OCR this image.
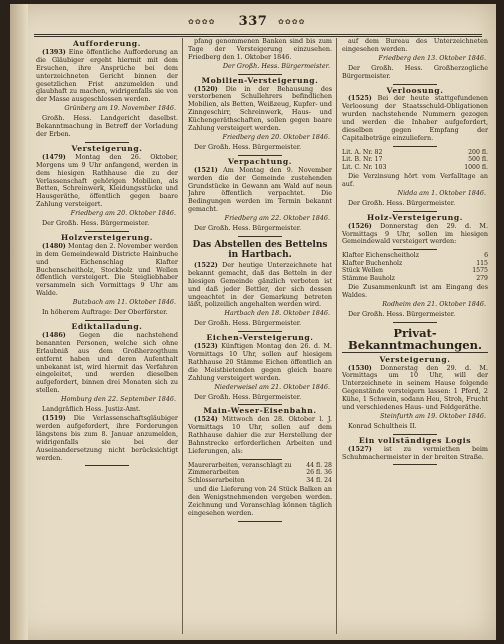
✿✿✿✿	337	✿✿✿✿
Aufforderung.

(1393) Eine öffentliche Aufforderung an die Gläubiger ergeht hiermit mit dem Ersuchen, ihre Ansprüche bei dem unterzeichneten Gericht binnen der gesetzlichen Frist anzumelden und glaubhaft zu machen, widrigenfalls sie von der Masse ausgeschlossen werden.

Grünberg am 19. November 1846.

Großh. Hess. Landgericht daselbst. Bekanntmachung in Betreff der Vorladung der Erben.

Versteigerung.

(1479) Montag den 26. Oktober, Morgens um 9 Uhr anfangend, werden in dem hiesigen Rathhause die zu der Verlassenschaft gehörigen Mobilien, als Betten, Schreinwerk, Kleidungsstücke und Hausgeräthe, öffentlich gegen baare Zahlung versteigert.

Friedberg am 20. Oktober 1846.

Der Großh. Hess. Bürgermeister.

Holzversteigerung.

(1480) Montag den 2. November werden in dem Gemeindewald Districte Hainbuche und Eichenschlag Klafter Buchenscheitholz, Stockholz und Wellen öffentlich versteigert. Die Steigliebhaber versammeln sich Vormittags 9 Uhr am Walde.

Butzbach am 11. Oktober 1846.

In höherem Auftrage: Der Oberförster.

Ediktalladung.

(1486) Gegen die nachstehend benannten Personen, welche sich ohne Erlaubniß aus dem Großherzogthum entfernt haben und deren Aufenthalt unbekannt ist, wird hiermit das Verfahren eingeleitet, und werden dieselben aufgefordert, binnen drei Monaten sich zu stellen.

Homburg den 22. September 1846.

Landgräflich Hess. Justiz-Amt.

(1519) Die Verlassenschaftsgläubiger werden aufgefordert, ihre Forderungen längstens bis zum 8. Januar anzumelden, widrigenfalls sie bei der Auseinandersetzung nicht berücksichtigt werden.

pfang genommenen Banken sind bis zum Tage der Versteigerung einzusehen. Friedberg den 1. Oktober 1846.

Der Großh. Hess. Bürgermeister.
Mobilien-Versteigerung.

(1520) Die in der Behausung des verstorbenen Schullehrers befindlichen Mobilien, als Betten, Weißzeug, Kupfer- und Zinngeschirr, Schreinwerk, Haus- und Küchengeräthschaften, sollen gegen baare Zahlung versteigert werden.

Friedberg den 20. Oktober 1846.

Der Großh. Hess. Bürgermeister.

Verpachtung.

(1521) Am Montag den 9. November werden die der Gemeinde zustehenden Grundstücke in Gewann am Wald auf neun Jahre öffentlich verpachtet. Die Bedingungen werden im Termin bekannt gemacht.

Friedberg am 22. Oktober 1846.

Der Großh. Hess. Bürgermeister.

Das Abstellen des Bettelns in Hartbach.

(1522) Der heutige Unterzeichnete hat bekannt gemacht, daß das Betteln in der hiesigen Gemeinde gänzlich verboten ist und daß jeder Bettler, der sich dessen ungeachtet in der Gemarkung betreten läßt, polizeilich angehalten werden wird.

Hartbach den 18. Oktober 1846.

Der Großh. Hess. Bürgermeister.

Eichen-Versteigerung.

(1523) Künftigen Montag den 26. d. M. Vormittags 10 Uhr, sollen auf hiesigem Rathhause 20 Stämme Eichen öffentlich an die Meistbietenden gegen gleich baare Zahlung versteigert werden.

Niederweisel am 21. Oktober 1846.

Der Großh. Hess. Bürgermeister.

Main-Weser-Eisenbahn.

(1524) Mittwoch den 28. Oktober l. J. Vormittags 10 Uhr, sollen auf dem Rathhause dahier die zur Herstellung der Bahnstrecke erforderlichen Arbeiten und Lieferungen, als:

Maurerarbeiten, veranschlagt zu	44 fl. 28
Zimmerarbeiten	26 fl. 36
Schlosserarbeiten	34 fl. 24

und die Lieferung von 24 Stück Balken an den Wenigstnehmenden vergeben werden. Zeichnung und Voranschlag können täglich eingesehen werden.

auf dem Bureau des Unterzeichneten eingesehen werden.

Friedberg den 13. Oktober 1846.

Der Großh. Hess. Großherzogliche Bürgermeister.

Verloosung.

(1525) Bei der heute stattgefundenen Verloosung der Staatsschuld-Obligationen wurden nachstehende Nummern gezogen und werden die Inhaber aufgefordert, dieselben gegen Empfang der Capitalbeträge einzuliefern.

Lit. A. Nr. 82	200 fl.
Lit. B. Nr. 17	500 fl.
Lit. C. Nr. 103	1000 fl.

Die Verzinsung hört vom Verfalltage an auf.

Nidda am 1. Oktober 1846.

Der Großh. Hess. Bürgermeister.

Holz-Versteigerung.

(1526) Donnerstag den 29. d. M. Vormittags 9 Uhr, sollen im hiesigen Gemeindewald versteigert werden:

Klafter Eichenscheitholz	6
Klafter Buchenholz	115
Stück Wellen	1575
Stämme Bauholz	279

Die Zusammenkunft ist am Eingang des Waldes.

Rodheim den 21. Oktober 1846.

Der Großh. Hess. Bürgermeister.

Privat-Bekanntmachungen.
Versteigerung.

(1530) Donnerstag den 29. d. M. Vormittags um 10 Uhr, will der Unterzeichnete in seinem Hause folgende Gegenstände versteigern lassen: 1 Pferd, 2 Kühe, 1 Schwein, sodann Heu, Stroh, Frucht und verschiedenes Haus- und Feldgeräthe.

Steinfurth am 19. Oktober 1846.

Konrad Schultheis II.

Ein vollständiges Logis

(1527) ist zu vermiethen beim Schuhmachermeister in der breiten Straße.
